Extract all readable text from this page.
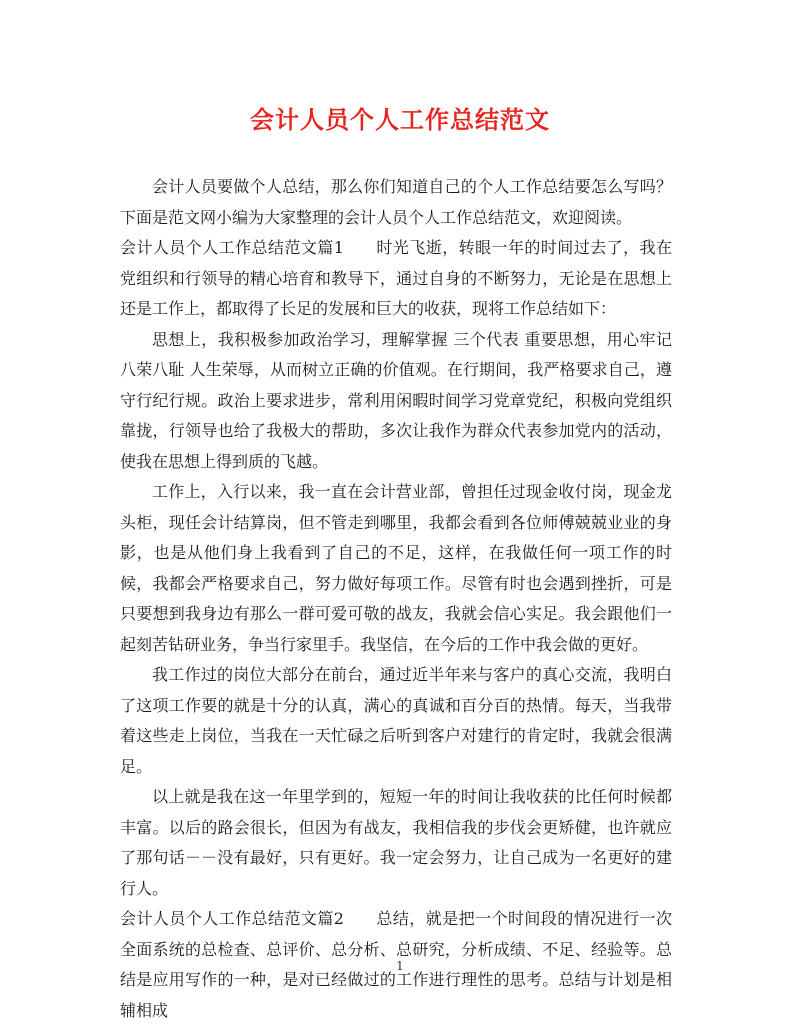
会计人员个人工作总结范文

会计人员要做个人总结，那么你们知道自己的个人工作总结要怎么写吗？下面是范文网小编为大家整理的会计人员个人工作总结范文，欢迎阅读。

会计人员个人工作总结范文篇1 时光飞逝，转眼一年的时间过去了，我在党组织和行领导的精心培育和教导下，通过自身的不断努力，无论是在思想上还是工作上，都取得了长足的发展和巨大的收获，现将工作总结如下：

思想上，我积极参加政治学习，理解掌握 三个代表 重要思想，用心牢记 八荣八耻 人生荣辱，从而树立正确的价值观。在行期间，我严格要求自己，遵守行纪行规。政治上要求进步，常利用闲暇时间学习党章党纪，积极向党组织靠拢，行领导也给了我极大的帮助，多次让我作为群众代表参加党内的活动，使我在思想上得到质的飞越。

工作上，入行以来，我一直在会计营业部，曾担任过现金收付岗，现金龙头柜，现任会计结算岗，但不管走到哪里，我都会看到各位师傅兢兢业业的身影，也是从他们身上我看到了自己的不足，这样，在我做任何一项工作的时候，我都会严格要求自己，努力做好每项工作。尽管有时也会遇到挫折，可是只要想到我身边有那么一群可爱可敬的战友，我就会信心实足。我会跟他们一起刻苦钻研业务，争当行家里手。我坚信，在今后的工作中我会做的更好。

我工作过的岗位大部分在前台，通过近半年来与客户的真心交流，我明白了这项工作要的就是十分的认真，满心的真诚和百分百的热情。每天，当我带着这些走上岗位，当我在一天忙碌之后听到客户对建行的肯定时，我就会很满足。

以上就是我在这一年里学到的，短短一年的时间让我收获的比任何时候都丰富。以后的路会很长，但因为有战友，我相信我的步伐会更矫健，也许就应了那句话－－没有最好，只有更好。我一定会努力，让自己成为一名更好的建行人。

会计人员个人工作总结范文篇2 总结，就是把一个时间段的情况进行一次全面系统的总检查、总评价、总分析、总研究，分析成绩、不足、经验等。总结是应用写作的一种，是对已经做过的工作进行理性的思考。总结与计划是相辅相成

1
